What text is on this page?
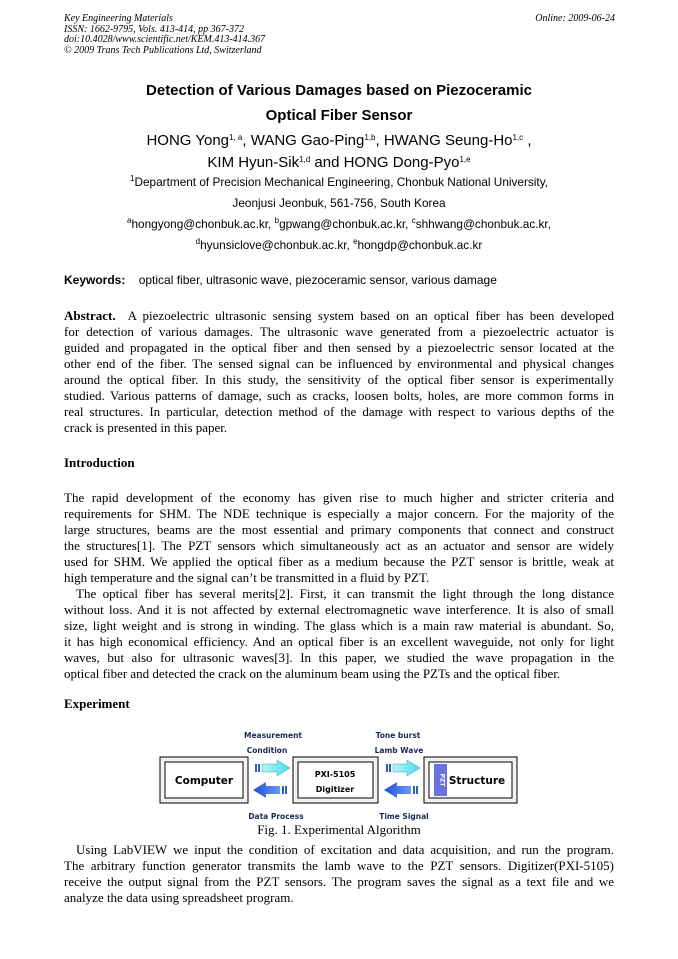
Key Engineering Materials
ISSN: 1662-9795, Vols. 413-414, pp 367-372
doi:10.4028/www.scientific.net/KEM.413-414.367
© 2009 Trans Tech Publications Ltd, Switzerland
Online: 2009-06-24
Detection of Various Damages based on Piezoceramic
Optical Fiber Sensor
HONG Yong$^{1, a}$, WANG Gao-Ping$^{1,b}$, HWANG Seung-Ho$^{1,c}$ ,
KIM Hyun-Sik$^{1,d}$ and HONG Dong-Pyo$^{1,e}$
$^1$Department of Precision Mechanical Engineering, Chonbuk National University,
Jeonjusi Jeonbuk, 561-756, South Korea
$^a$hongyong@chonbuk.ac.kr, $^b$gpwang@chonbuk.ac.kr, $^c$shhwang@chonbuk.ac.kr,
$^d$hyunsiclove@chonbuk.ac.kr, $^e$hongdp@chonbuk.ac.kr
Keywords: optical fiber, ultrasonic wave, piezoceramic sensor, various damage
Abstract. A piezoelectric ultrasonic sensing system based on an optical fiber has been developed
for detection of various damages. The ultrasonic wave generated from a piezoelectric actuator is
guided and propagated in the optical fiber and then sensed by a piezoelectric sensor located at the
other end of the fiber. The sensed signal can be influenced by environmental and physical changes
around the optical fiber. In this study, the sensitivity of the optical fiber sensor is experimentally
studied. Various patterns of damage, such as cracks, loosen bolts, holes, are more common forms in
real structures. In particular, detection method of the damage with respect to various depths of the
crack is presented in this paper.
Introduction
The rapid development of the economy has given rise to much higher and stricter criteria and
requirements for SHM. The NDE technique is especially a major concern. For the majority of the
large structures, beams are the most essential and primary components that connect and construct
the structures[1]. The PZT sensors which simultaneously act as an actuator and sensor are widely
used for SHM. We applied the optical fiber as a medium because the PZT sensor is brittle, weak at
high temperature and the signal can’t be transmitted in a fluid by PZT.
The optical fiber has several merits[2]. First, it can transmit the light through the long distance
without loss. And it is not affected by external electromagnetic wave interference. It is also of small
size, light weight and is strong in winding. The glass which is a main raw material is abundant. So,
it has high economical efficiency. And an optical fiber is an excellent waveguide, not only for light
waves, but also for ultrasonic waves[3]. In this paper, we studied the wave propagation in the
optical fiber and detected the crack on the aluminum beam using the PZTs and the optical fiber.
Experiment
Computer
PXI-5105
Digitizer
PZT Structure
Measurement
Condition
Tone burst
Lamb Wave
Data Process	Time Signal
Fig. 1. Experimental Algorithm
Using LabVIEW we input the condition of excitation and data acquisition, and run the program.
The arbitrary function generator transmits the lamb wave to the PZT sensors. Digitizer(PXI-5105)
receive the output signal from the PZT sensors. The program saves the signal as a text file and we
analyze the data using spreadsheet program.
